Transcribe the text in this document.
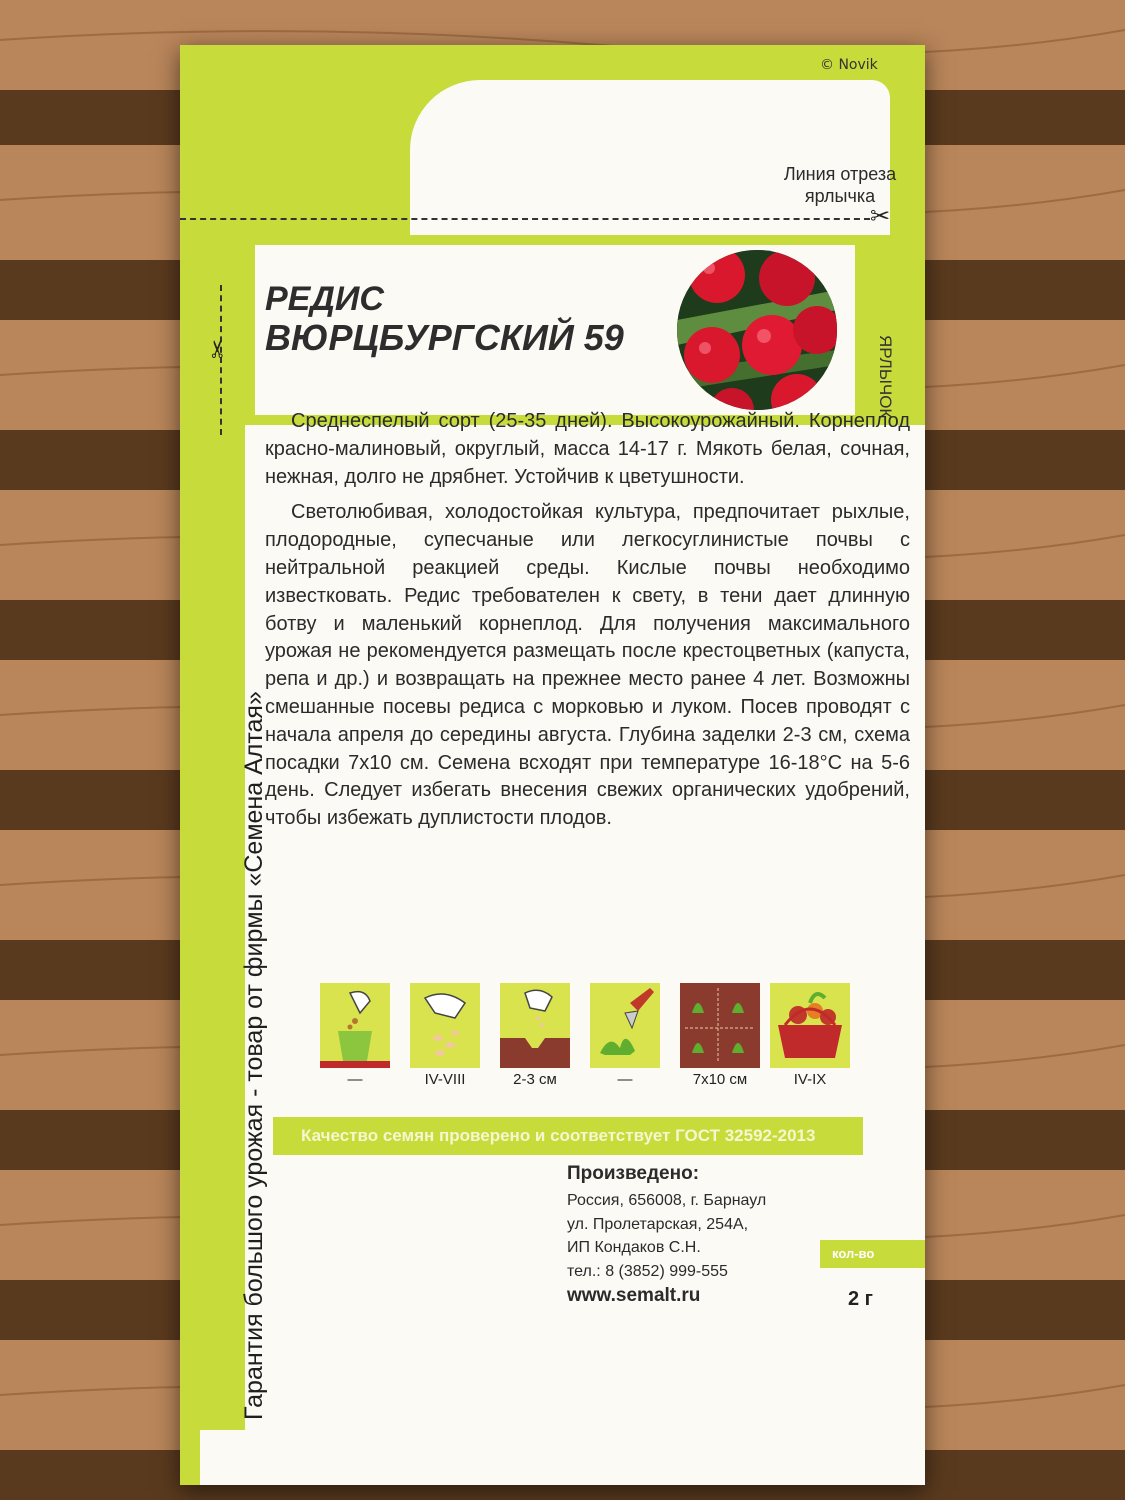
© Novik
Линия отреза
ярлычка
✂
✂	ЯРЛЫЧОК
РЕДИС
ВЮРЦБУРГСКИЙ 59
Гарантия большого урожая - товар от фирмы «Семена Алтая»

Среднеспелый сорт (25-35 дней). Высокоурожайный. Корнеплод красно-малиновый, округлый, масса 14-17 г. Мякоть белая, сочная, нежная, долго не дрябнет. Устойчив к цветушности.

Светолюбивая, холодостойкая культура, предпочитает рыхлые, плодородные, супесчаные или легкосуглинистые почвы с нейтральной реакцией среды. Кислые почвы необходимо известковать. Редис требователен к свету, в тени дает длинную ботву и маленький корнеплод. Для получения максимального урожая не рекомендуется размещать после крестоцветных (капуста, репа и др.) и возвращать на прежнее место ранее 4 лет. Возможны смешанные посевы редиса с морковью и луком. Посев проводят с начала апреля до середины августа. Глубина заделки 2-3 см, схема посадки 7x10 см. Семена всходят при температуре 16-18°С на 5-6 день. Следует избегать внесения свежих органических удобрений, чтобы избежать дуплистости плодов.

—	IV-VIII	2-3 см	—	7x10 см	IV-IX
Качество семян проверено и соответствует ГОСТ 32592-2013
Произведено:
Россия, 656008, г. Барнаул
ул. Пролетарская, 254А,
ИП Кондаков С.Н.
тел.: 8 (3852) 999-555
www.semalt.ru
кол-во
2 г
